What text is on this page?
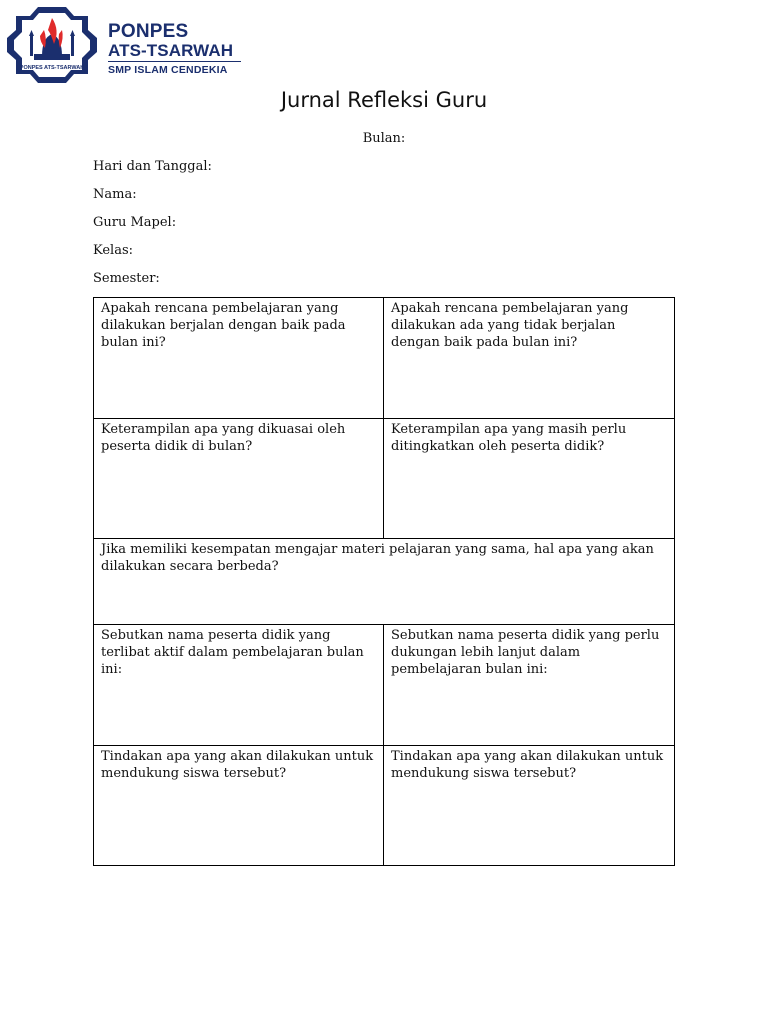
PONPES ATS-TSARWAH
PONPES
ATS-TSARWAH
SMP ISLAM CENDEKIA
Jurnal Refleksi Guru
Bulan:
Hari dan Tanggal:
Nama:
Guru Mapel:
Kelas:
Semester:
Apakah rencana pembelajaran yang dilakukan berjalan dengan baik pada bulan ini?
Apakah rencana pembelajaran yang dilakukan ada yang tidak berjalan dengan baik pada bulan ini?
Keterampilan apa yang dikuasai oleh peserta didik di bulan?
Keterampilan apa yang masih perlu ditingkatkan oleh peserta didik?
Jika memiliki kesempatan mengajar materi pelajaran yang sama, hal apa yang akan dilakukan secara berbeda?
Sebutkan nama peserta didik yang terlibat aktif dalam pembelajaran bulan ini:
Sebutkan nama peserta didik yang perlu dukungan lebih lanjut dalam pembelajaran bulan ini:
Tindakan apa yang akan dilakukan untuk mendukung siswa tersebut?
Tindakan apa yang akan dilakukan untuk mendukung siswa tersebut?
